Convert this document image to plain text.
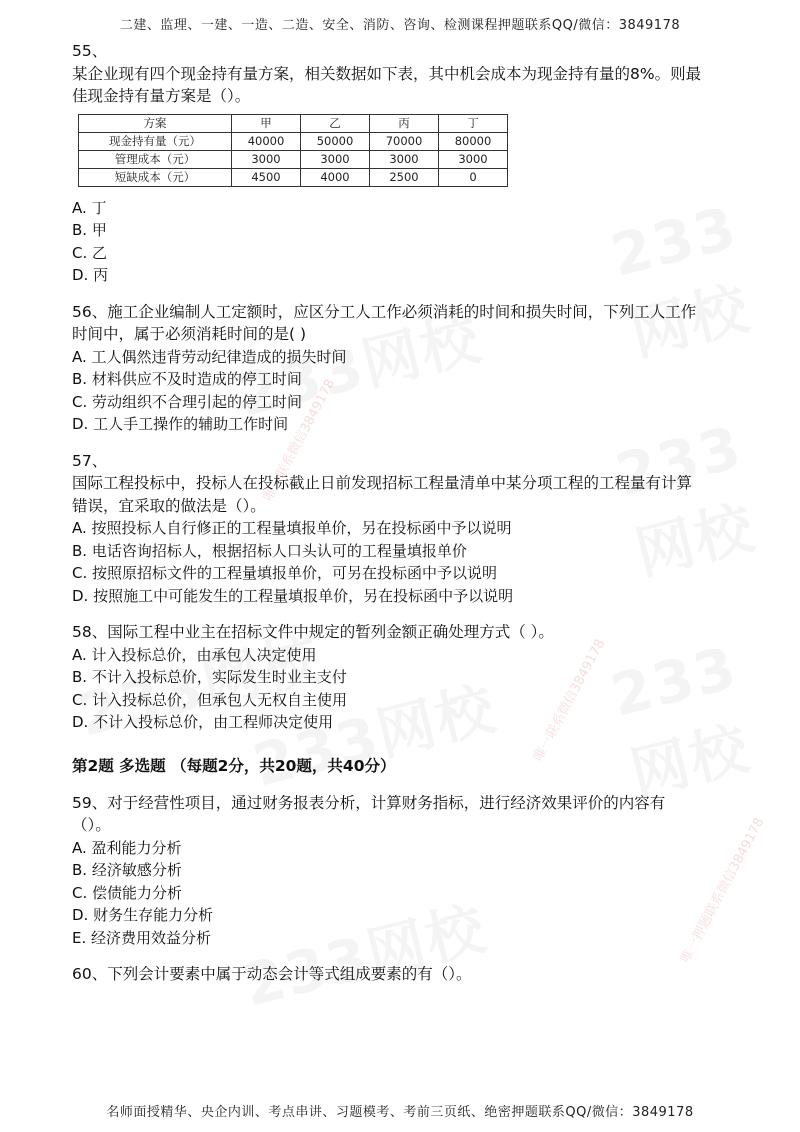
二建、监理、一建、一造、二造、安全、消防、咨询、检测课程押题联系QQ/微信：3849178
唯一联系微信3849178
唯一联系微信3849178
唯一押题联系微信3849178
55、
某企业现有四个现金持有量方案，相关数据如下表，其中机会成本为现金持有量的8%。则最
佳现金持有量方案是（）。
方案	甲	乙	丙	丁
现金持有量（元）	40000	50000	70000	80000
管理成本（元）	3000	3000	3000	3000
短缺成本（元）	4500	4000	2500	0
A. 丁
B. 甲
C. 乙
D. 丙
56、施工企业编制人工定额时，应区分工人工作必须消耗的时间和损失时间，下列工人工作
时间中，属于必须消耗时间的是( )
A. 工人偶然违背劳动纪律造成的损失时间
B. 材料供应不及时造成的停工时间
C. 劳动组织不合理引起的停工时间
D. 工人手工操作的辅助工作时间
57、
国际工程投标中，投标人在投标截止日前发现招标工程量清单中某分项工程的工程量有计算
错误，宜采取的做法是（）。
A. 按照投标人自行修正的工程量填报单价，另在投标函中予以说明
B. 电话咨询招标人，根据招标人口头认可的工程量填报单价
C. 按照原招标文件的工程量填报单价，可另在投标函中予以说明
D. 按照施工中可能发生的工程量填报单价，另在投标函中予以说明
58、国际工程中业主在招标文件中规定的暂列金额正确处理方式（ ）。
A. 计入投标总价，由承包人决定使用
B. 不计入投标总价，实际发生时业主支付
C. 计入投标总价，但承包人无权自主使用
D. 不计入投标总价，由工程师决定使用
第2题 多选题 （每题2分，共20题，共40分）
59、对于经营性项目，通过财务报表分析，计算财务指标，进行经济效果评价的内容有
（）。
A. 盈利能力分析
B. 经济敏感分析
C. 偿债能力分析
D. 财务生存能力分析
E. 经济费用效益分析
60、下列会计要素中属于动态会计等式组成要素的有（）。
名师面授精华、央企内训、考点串讲、习题模考、考前三页纸、绝密押题联系QQ/微信：3849178
